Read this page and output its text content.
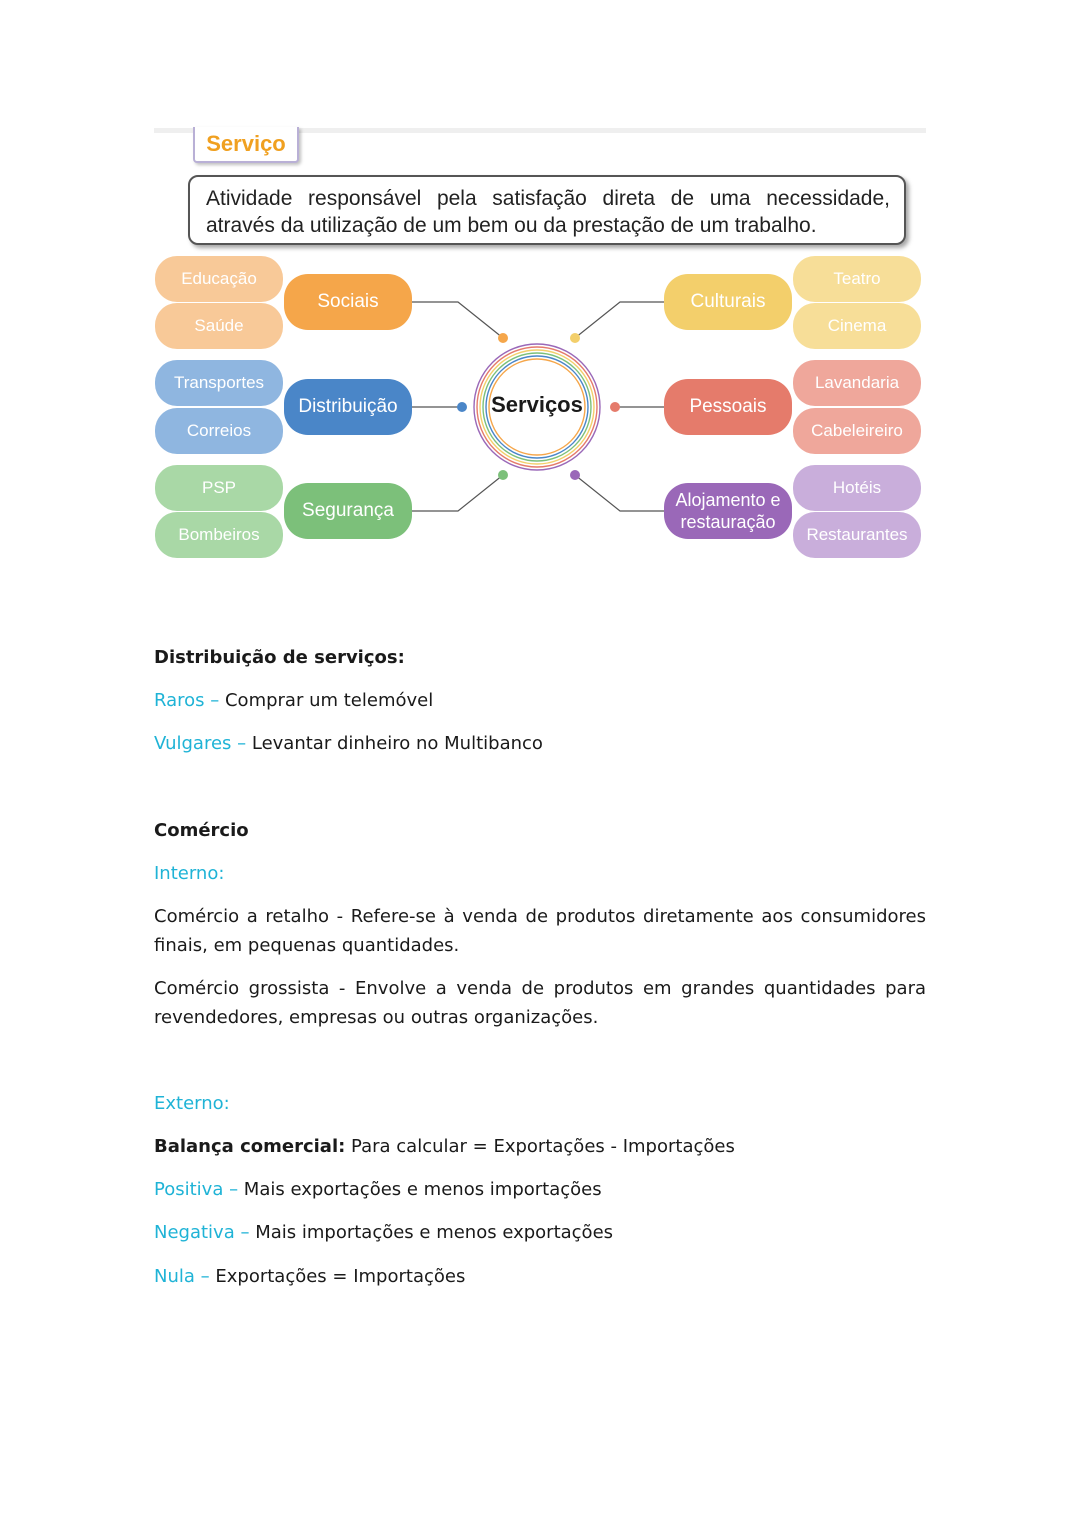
Serviço
Atividade responsável pela satisfação direta de uma necessidade, através da utilização de um bem ou da prestação de um trabalho.
Serviços
Educação
Saúde
Sociais
Transportes
Correios
Distribuição
PSP
Bombeiros
Segurança
Culturais
Teatro
Cinema
Pessoais
Lavandaria
Cabeleireiro
Alojamento e restauração
Hotéis
Restaurantes
Distribuição de serviços:
Raros – Comprar um telemóvel
Vulgares – Levantar dinheiro no Multibanco
Comércio
Interno:
Comércio a retalho - Refere-se à venda de produtos diretamente aos consumidores finais, em pequenas quantidades.
Comércio grossista - Envolve a venda de produtos em grandes quantidades para revendedores, empresas ou outras organizações.
Externo:
Balança comercial: Para calcular = Exportações - Importações
Positiva – Mais exportações e menos importações
Negativa – Mais importações e menos exportações
Nula – Exportações = Importações
